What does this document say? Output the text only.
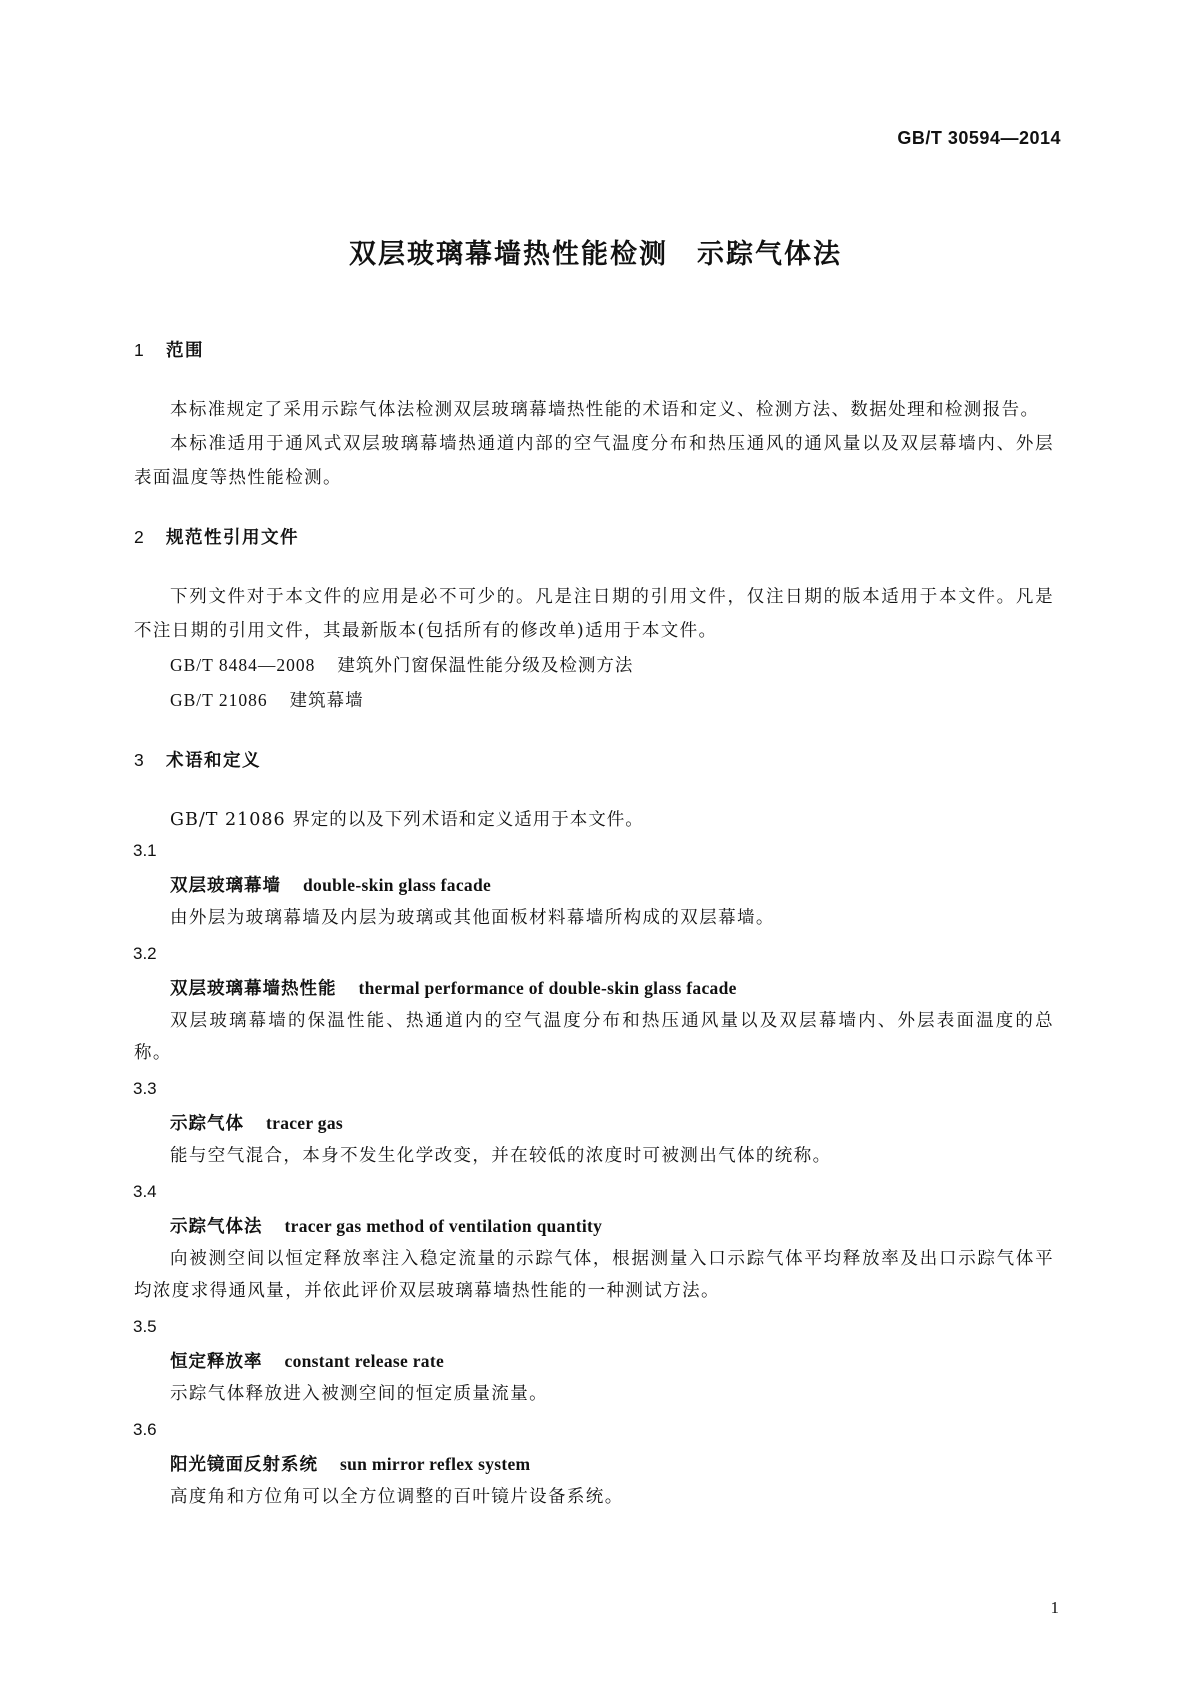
GB/T 30594—2014
双层玻璃幕墙热性能检测　示踪气体法
1 范围

本标准规定了采用示踪气体法检测双层玻璃幕墙热性能的术语和定义、检测方法、数据处理和检测报告。

本标准适用于通风式双层玻璃幕墙热通道内部的空气温度分布和热压通风的通风量以及双层幕墙内、外层表面温度等热性能检测。

2 规范性引用文件

下列文件对于本文件的应用是必不可少的。凡是注日期的引用文件，仅注日期的版本适用于本文件。凡是不注日期的引用文件，其最新版本(包括所有的修改单)适用于本文件。

GB/T 8484—2008 建筑外门窗保温性能分级及检测方法

GB/T 21086 建筑幕墙

3 术语和定义

GB/T 21086 界定的以及下列术语和定义适用于本文件。

3.1

双层玻璃幕墙 double-skin glass facade

由外层为玻璃幕墙及内层为玻璃或其他面板材料幕墙所构成的双层幕墙。

3.2

双层玻璃幕墙热性能 thermal performance of double-skin glass facade

双层玻璃幕墙的保温性能、热通道内的空气温度分布和热压通风量以及双层幕墙内、外层表面温度的总称。

3.3

示踪气体 tracer gas

能与空气混合，本身不发生化学改变，并在较低的浓度时可被测出气体的统称。

3.4

示踪气体法 tracer gas method of ventilation quantity

向被测空间以恒定释放率注入稳定流量的示踪气体，根据测量入口示踪气体平均释放率及出口示踪气体平均浓度求得通风量，并依此评价双层玻璃幕墙热性能的一种测试方法。

3.5

恒定释放率 constant release rate

示踪气体释放进入被测空间的恒定质量流量。

3.6

阳光镜面反射系统 sun mirror reflex system

高度角和方位角可以全方位调整的百叶镜片设备系统。

1
